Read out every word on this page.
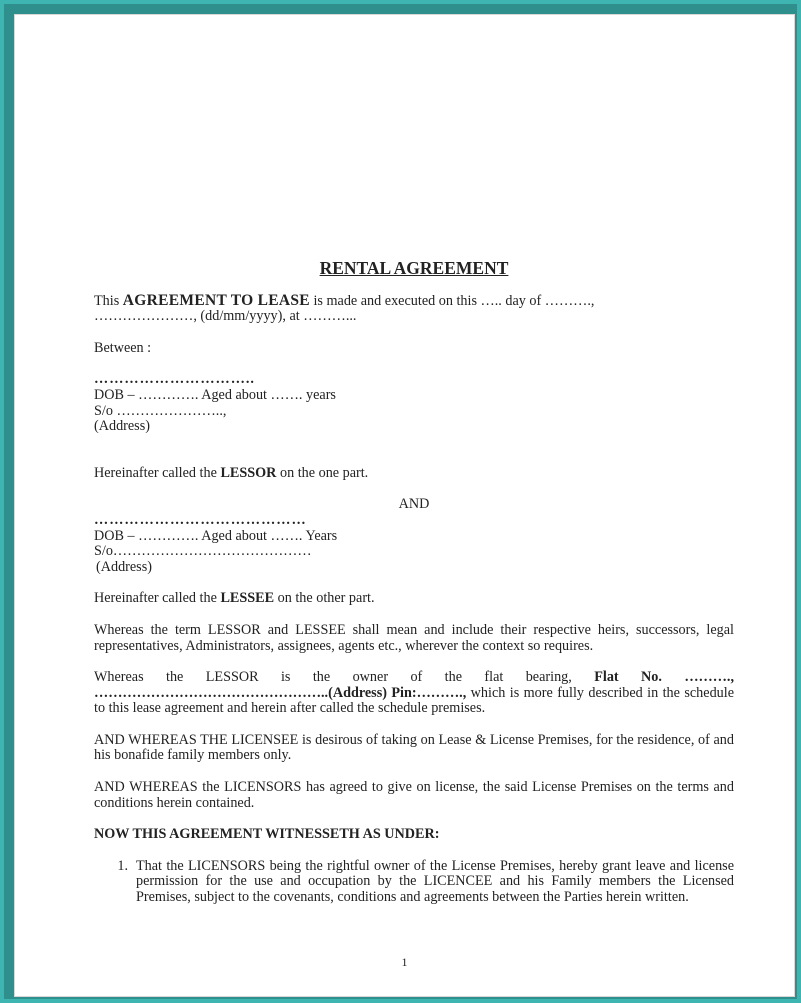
RENTAL AGREEMENT

This AGREEMENT TO LEASE is made and executed on this ….. day of ……….,
…………………, (dd/mm/yyyy), at ………...

Between :

…………………………..

DOB – …………. Aged about ……. years

S/o …………………..,

(Address)

Hereinafter called the LESSOR on the one part.

AND

……………………………………

DOB – …………. Aged about ……. Years

S/o……………………………………

(Address)

Hereinafter called the LESSEE on the other part.

Whereas the term LESSOR and LESSEE shall mean and include their respective heirs, successors, legal representatives, Administrators, assignees, agents etc., wherever the context so requires.

Whereas the LESSOR is the owner of the flat bearing, Flat No. ………., …………………………………………..(Address) Pin:………., which is more fully described in the schedule to this lease agreement and herein after called the schedule premises.

AND WHEREAS THE LICENSEE is desirous of taking on Lease & License Premises, for the residence, of and his bonafide family members only.

AND WHEREAS the LICENSORS has agreed to give on license, the said License Premises on the terms and conditions herein contained.

NOW THIS AGREEMENT WITNESSETH AS UNDER:

1. That the LICENSORS being the rightful owner of the License Premises, hereby grant leave and license permission for the use and occupation by the LICENCEE and his Family members the Licensed Premises, subject to the covenants, conditions and agreements between the Parties herein written.
1
